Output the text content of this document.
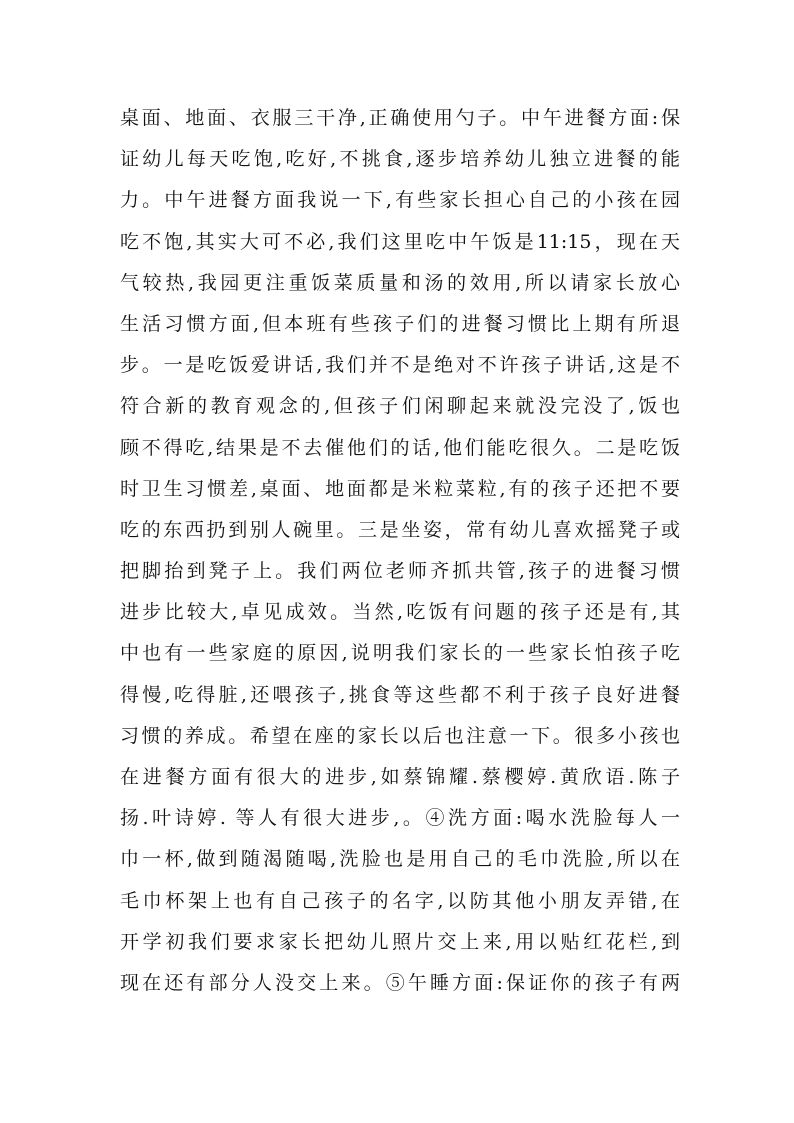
桌面、地面、衣服三干净,正确使用勺子。中午进餐方面:保
证幼儿每天吃饱,吃好,不挑食,逐步培养幼儿独立进餐的能
力。中午进餐方面我说一下,有些家长担心自己的小孩在园
吃不饱,其实大可不必,我们这里吃中午饭是11:15，现在天
气较热,我园更注重饭菜质量和汤的效用,所以请家长放心
生活习惯方面,但本班有些孩子们的进餐习惯比上期有所退
步。一是吃饭爱讲话,我们并不是绝对不许孩子讲话,这是不
符合新的教育观念的,但孩子们闲聊起来就没完没了,饭也
顾不得吃,结果是不去催他们的话,他们能吃很久。二是吃饭
时卫生习惯差,桌面、地面都是米粒菜粒,有的孩子还把不要
吃的东西扔到别人碗里。三是坐姿，常有幼儿喜欢摇凳子或
把脚抬到凳子上。我们两位老师齐抓共管,孩子的进餐习惯
进步比较大,卓见成效。当然,吃饭有问题的孩子还是有,其
中也有一些家庭的原因,说明我们家长的一些家长怕孩子吃
得慢,吃得脏,还喂孩子,挑食等这些都不利于孩子良好进餐
习惯的养成。希望在座的家长以后也注意一下。很多小孩也
在进餐方面有很大的进步,如蔡锦耀.蔡樱婷.黄欣语.陈子
扬.叶诗婷. 等人有很大进步,。④洗方面:喝水洗脸每人一
巾一杯,做到随渴随喝,洗脸也是用自己的毛巾洗脸,所以在
毛巾杯架上也有自己孩子的名字,以防其他小朋友弄错,在
开学初我们要求家长把幼儿照片交上来,用以贴红花栏,到
现在还有部分人没交上来。⑤午睡方面:保证你的孩子有两
